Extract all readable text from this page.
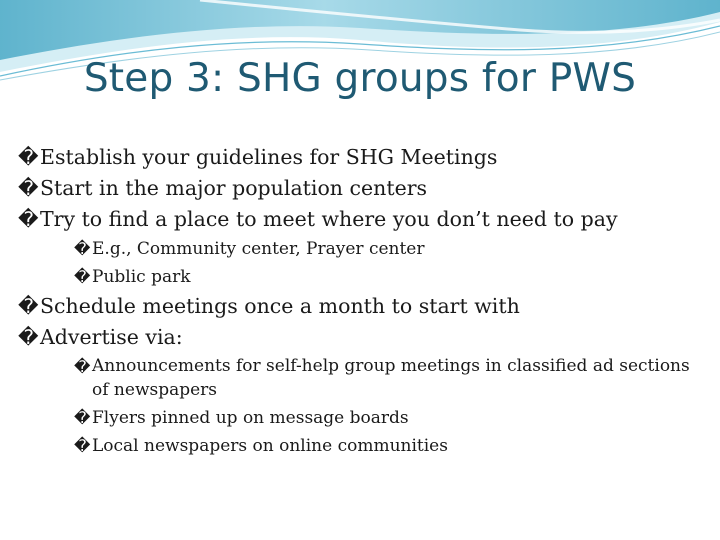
Step 3: SHG groups for PWS
�Establish your guidelines for SHG Meetings
�Start in the major population centers
�Try to find a place to meet where you don’t need to pay
�E.g., Community center, Prayer center
�Public park
�Schedule meetings once a month to start with
�Advertise via:
� Announcements for self-help group meetings in classified ad sections of newspapers
�Flyers pinned up on message boards
�Local newspapers on online communities
